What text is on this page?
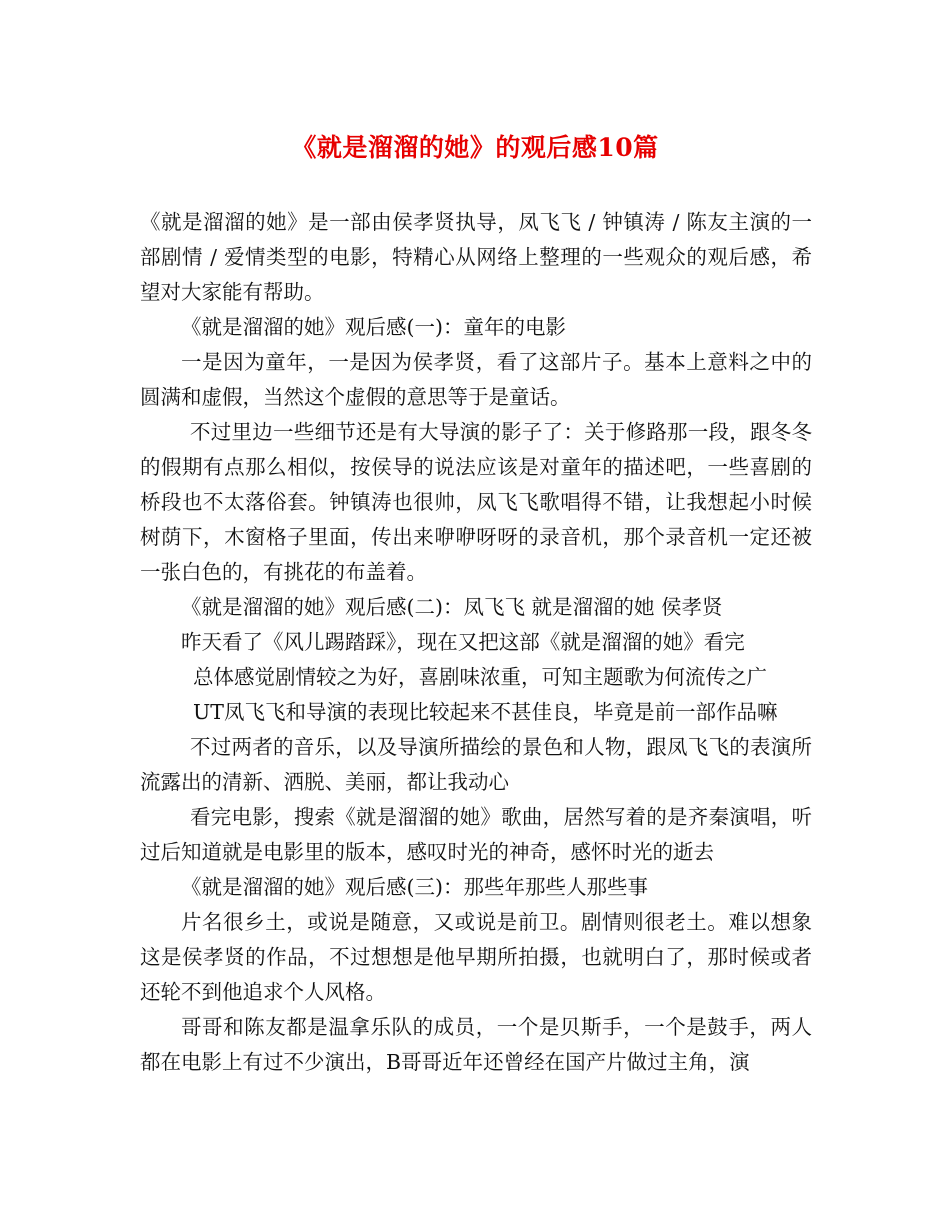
《就是溜溜的她》的观后感10篇

《就是溜溜的她》是一部由侯孝贤执导，凤飞飞 / 钟镇涛 / 陈友主演的一部剧情 / 爱情类型的电影，特精心从网络上整理的一些观众的观后感，希望对大家能有帮助。

《就是溜溜的她》观后感(一)：童年的电影

一是因为童年，一是因为侯孝贤，看了这部片子。基本上意料之中的圆满和虚假，当然这个虚假的意思等于是童话。

不过里边一些细节还是有大导演的影子了：关于修路那一段，跟冬冬的假期有点那么相似，按侯导的说法应该是对童年的描述吧，一些喜剧的桥段也不太落俗套。钟镇涛也很帅，凤飞飞歌唱得不错，让我想起小时候树荫下，木窗格子里面，传出来咿咿呀呀的录音机，那个录音机一定还被一张白色的，有挑花的布盖着。

《就是溜溜的她》观后感(二)：凤飞飞 就是溜溜的她 侯孝贤

昨天看了《风儿踢踏踩》，现在又把这部《就是溜溜的她》看完

总体感觉剧情较之为好，喜剧味浓重，可知主题歌为何流传之广

UT凤飞飞和导演的表现比较起来不甚佳良，毕竟是前一部作品嘛

不过两者的音乐，以及导演所描绘的景色和人物，跟凤飞飞的表演所流露出的清新、洒脱、美丽，都让我动心

看完电影，搜索《就是溜溜的她》歌曲，居然写着的是齐秦演唱，听过后知道就是电影里的版本，感叹时光的神奇，感怀时光的逝去

《就是溜溜的她》观后感(三)：那些年那些人那些事

片名很乡土，或说是随意，又或说是前卫。剧情则很老土。难以想象这是侯孝贤的作品，不过想想是他早期所拍摄，也就明白了，那时候或者还轮不到他追求个人风格。

哥哥和陈友都是温拿乐队的成员，一个是贝斯手，一个是鼓手，两人都在电影上有过不少演出，B哥哥近年还曾经在国产片做过主角，演
